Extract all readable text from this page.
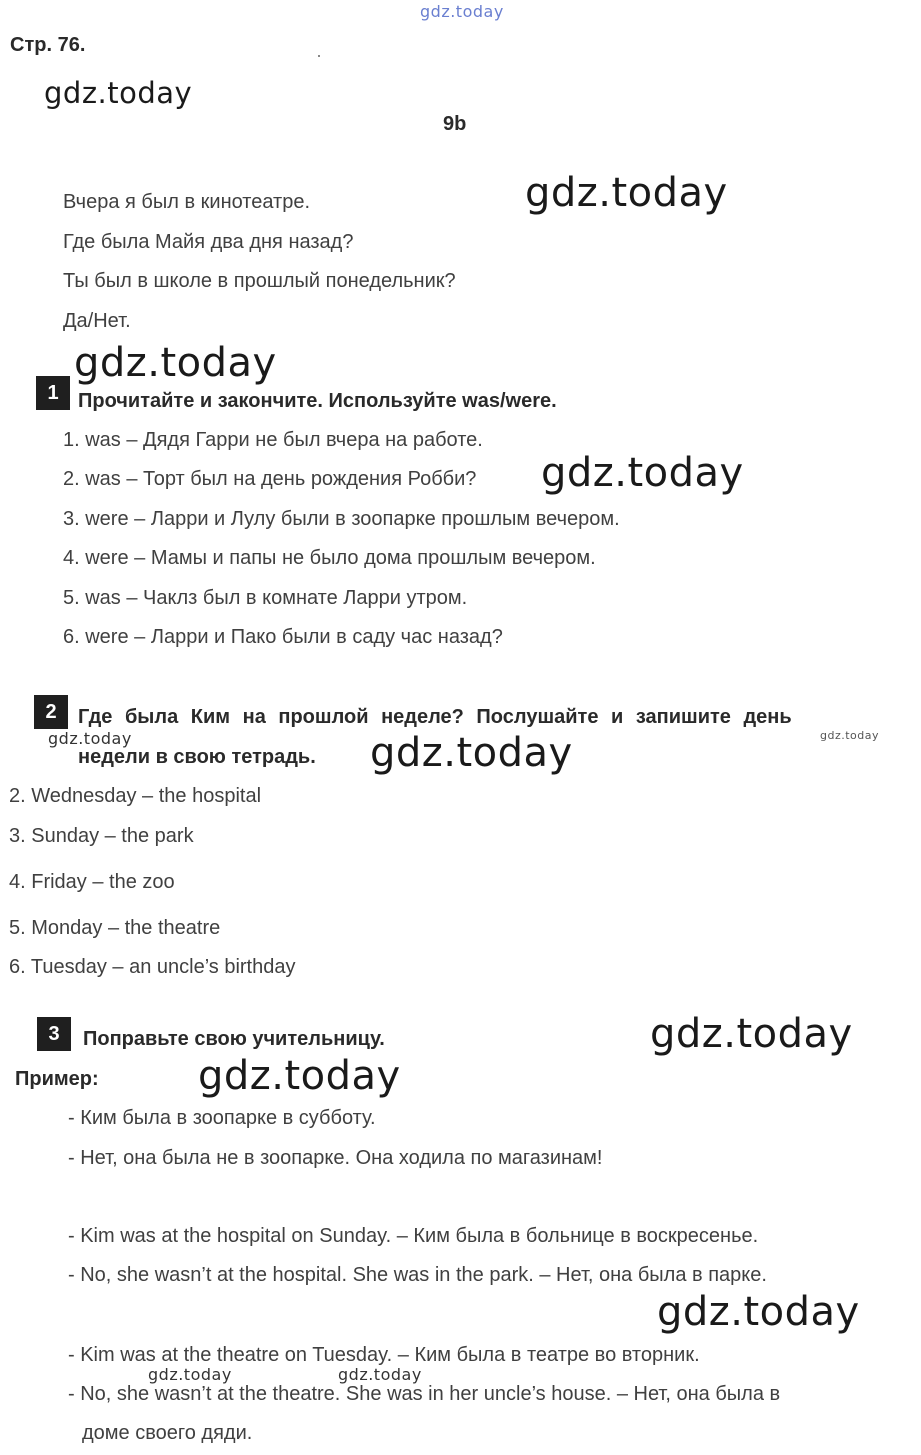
gdz.today
gdz.today
gdz.today
gdz.today
gdz.today
gdz.today	gdz.today	gdz.today
gdz.today
gdz.today
gdz.today
gdz.today	gdz.today
Стр. 76.
9b
Вчера я был в кинотеатре.
Где была Майя два дня назад?
Ты был в школе в прошлый понедельник?
Да/Нет.
1 Прочитайте и закончите. Используйте was/were.
1. was – Дядя Гарри не был вчера на работе.
2. was – Торт был на день рождения Робби?
3. were – Ларри и Лулу были в зоопарке прошлым вечером.
4. were – Мамы и папы не было дома прошлым вечером.
5. was – Чаклз был в комнате Ларри утром.
6. were – Ларри и Пако были в саду час назад?
2	Где была Ким на прошлой неделе? Послушайте и запишите день
недели в свою тетрадь.
2. Wednesday – the hospital
3. Sunday – the park
4. Friday – the zoo
5. Monday – the theatre
6. Tuesday – an uncle’s birthday
3	Поправьте свою учительницу.
Пример:
- Ким была в зоопарке в субботу.
- Нет, она была не в зоопарке. Она ходила по магазинам!
- Kim was at the hospital on Sunday. – Ким была в больнице в воскресенье.
- No, she wasn’t at the hospital. She was in the park. – Нет, она была в парке.
- Kim was at the theatre on Tuesday. – Ким была в театре во вторник.
- No, she wasn’t at the theatre. She was in her uncle’s house. – Нет, она была в
доме своего дяди.
